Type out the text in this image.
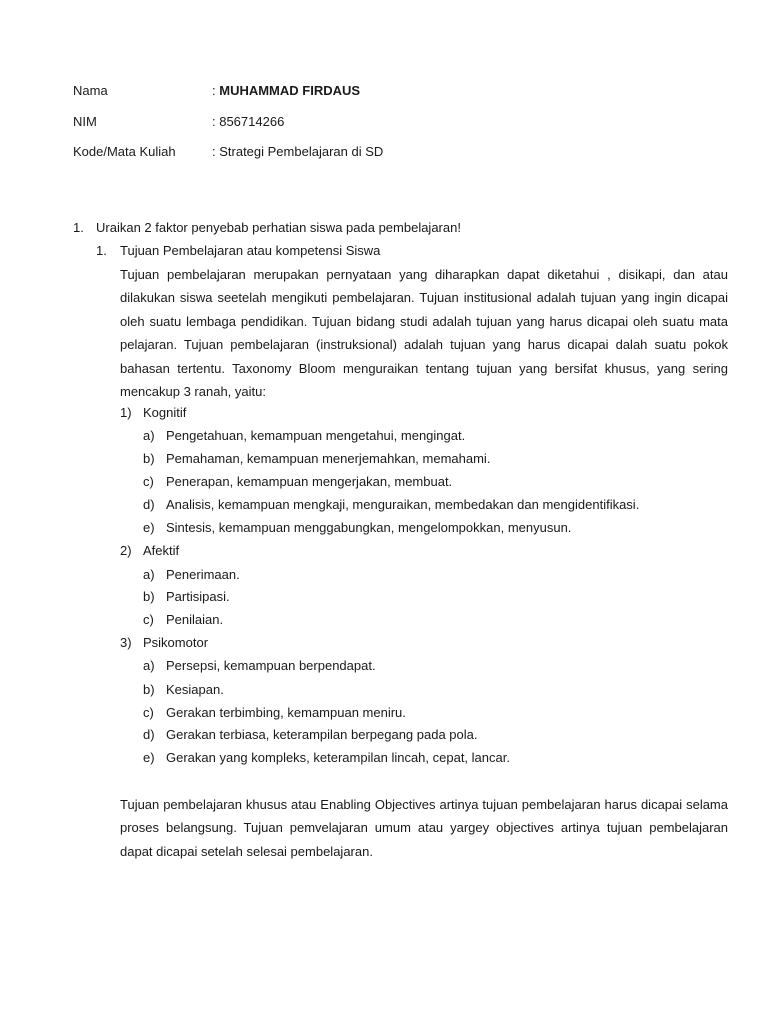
Nama	: MUHAMMAD FIRDAUS
NIM	: 856714266
Kode/Mata Kuliah	: Strategi Pembelajaran di SD
1. Uraikan 2 faktor penyebab perhatian siswa pada pembelajaran!
1. Tujuan Pembelajaran atau kompetensi Siswa
Tujuan pembelajaran merupakan pernyataan yang diharapkan dapat diketahui , disikapi, dan atau dilakukan siswa seetelah mengikuti pembelajaran. Tujuan institusional adalah tujuan yang ingin dicapai oleh suatu lembaga pendidikan. Tujuan bidang studi adalah tujuan yang harus dicapai oleh suatu mata pelajaran. Tujuan pembelajaran (instruksional) adalah tujuan yang harus dicapai dalah suatu pokok bahasan tertentu. Taxonomy Bloom menguraikan tentang tujuan yang bersifat khusus, yang sering mencakup 3 ranah, yaitu:
1) Kognitif
a) Pengetahuan, kemampuan mengetahui, mengingat.
b) Pemahaman, kemampuan menerjemahkan, memahami.
c) Penerapan, kemampuan mengerjakan, membuat.
d) Analisis, kemampuan mengkaji, menguraikan, membedakan dan mengidentifikasi.
e) Sintesis, kemampuan menggabungkan, mengelompokkan, menyusun.
2) Afektif
a) Penerimaan.
b) Partisipasi.
c) Penilaian.
3) Psikomotor
a) Persepsi, kemampuan berpendapat.
b) Kesiapan.
c) Gerakan terbimbing, kemampuan meniru.
d) Gerakan terbiasa, keterampilan berpegang pada pola.
e) Gerakan yang kompleks, keterampilan lincah, cepat, lancar.
Tujuan pembelajaran khusus atau Enabling Objectives artinya tujuan pembelajaran harus dicapai selama proses belangsung. Tujuan pemvelajaran umum atau yargey objectives artinya tujuan pembelajaran dapat dicapai setelah selesai pembelajaran.
